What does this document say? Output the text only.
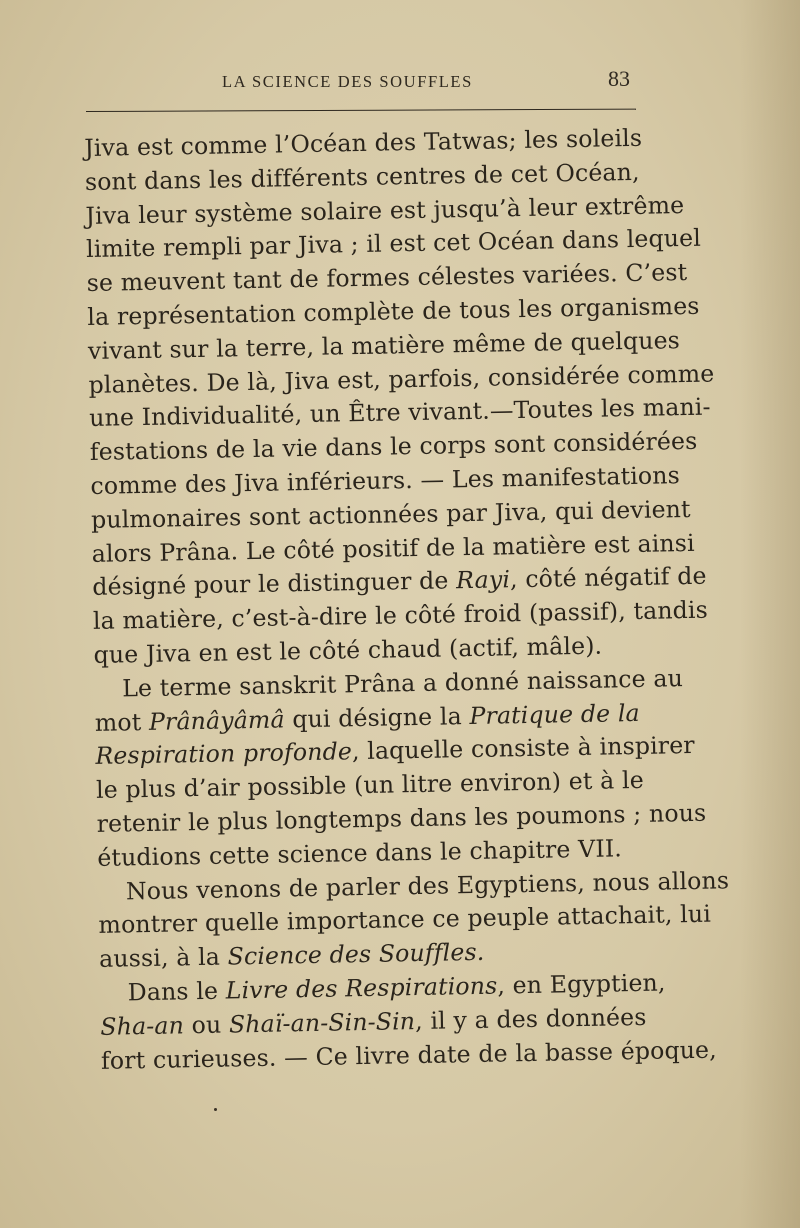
LA SCIENCE DES SOUFFLES	83
Jiva est comme l’Océan des Tatwas; les soleils
sont dans les différents centres de cet Océan,
Jiva leur système solaire est jusqu’à leur extrême
limite rempli par Jiva ; il est cet Océan dans lequel
se meuvent tant de formes célestes variées. C’est
la représentation complète de tous les organismes
vivant sur la terre, la matière même de quelques
planètes. De là, Jiva est, parfois, considérée comme
une Individualité, un Être vivant.—Toutes les mani-
festations de la vie dans le corps sont considérées
comme des Jiva inférieurs. — Les manifestations
pulmonaires sont actionnées par Jiva, qui devient
alors Prâna. Le côté positif de la matière est ainsi
désigné pour le distinguer de Rayi, côté négatif de
la matière, c’est-à-dire le côté froid (passif), tandis
que Jiva en est le côté chaud (actif, mâle).
Le terme sanskrit Prâna a donné naissance au
mot Prânâyâmâ qui désigne la Pratique de la
Respiration profonde, laquelle consiste à inspirer
le plus d’air possible (un litre environ) et à le
retenir le plus longtemps dans les poumons ; nous
étudions cette science dans le chapitre VII.
Nous venons de parler des Egyptiens, nous allons
montrer quelle importance ce peuple attachait, lui
aussi, à la Science des Souffles.
Dans le Livre des Respirations, en Egyptien,
Sha-an ou Shaï-an-Sin-Sin, il y a des données
fort curieuses. — Ce livre date de la basse époque,
